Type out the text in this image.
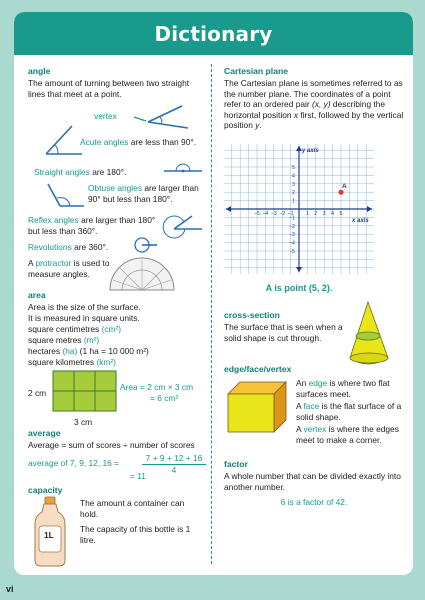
Dictionary
angle
The amount of turning between two straight lines that meet at a point.
vertex
Acute angles are less than 90°.
Straight angles are 180°.
Obtuse angles are larger than 90° but less than 180°.
Reflex angles are larger than 180° but less than 360°.
Revolutions are 360°.
A protractor is used to measure angles.
area
Area is the size of the surface.
It is measured in square units.
square centimetres (cm²)
square metres (m²)
hectares (ha) (1 ha = 10 000 m²)
square kilometres (km²)
2 cm
3 cm
Area = 2 cm × 3 cm
= 6 cm²
average
Average = sum of scores ÷ number of scores
average of 7, 9, 12, 16 =	7 + 9 + 12 + 16
4
= 11
capacity
1L
The amount a container can hold.
The capacity of this bottle is 1 litre.
Cartesian plane
The Cartesian plane is sometimes referred to as the number plane. The coordinates of a point refer to an ordered pair (x, y) describing the horizontal position x first, followed by the vertical position y.
1
1
2
2
3
3
4
4
5
5
−1
−1
−2
−2
−3
−3
−4
−4
−5
−5
y axis
x axis
A
A is point (5, 2).
cross-section
The surface that is seen when a solid shape is cut through.
edge/face/vertex
An edge is where two flat surfaces meet.
A face is the flat surface of a solid shape.
A vertex is where the edges meet to make a corner.
factor
A whole number that can be divided exactly into another number.
6 is a factor of 42.
vi
